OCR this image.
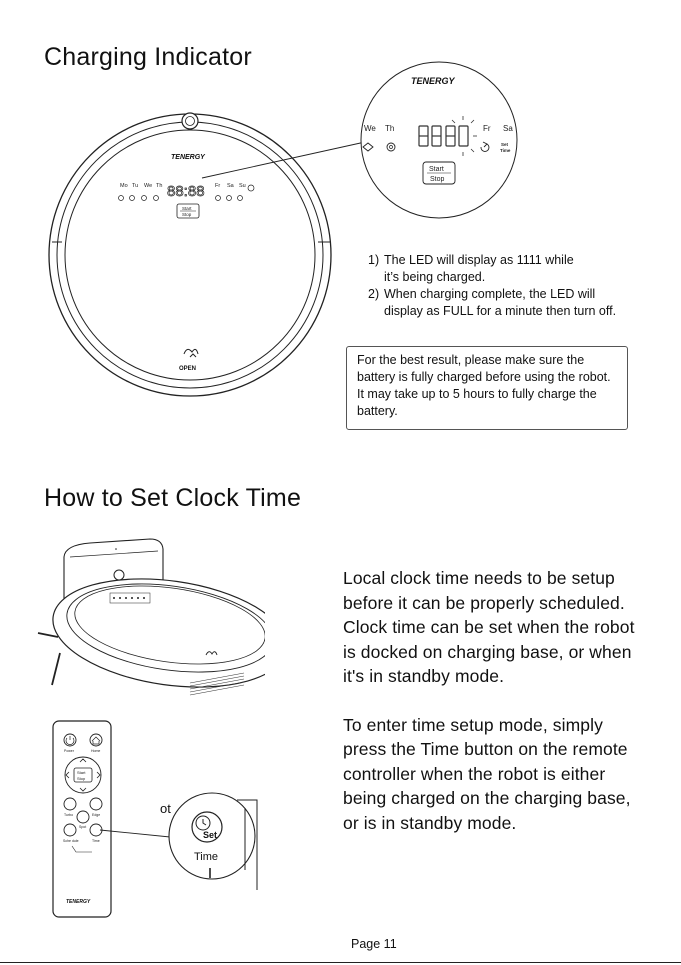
Charging Indicator
TENERGY
Mo Tu We Th 88:88 Fr Sa Su
Start
Stop
OPEN
TENERGY
We Th	Fr Sa
Set
Time
Start
Stop
1) The LED will display as 1111 while it’s being charged.
2) When charging complete, the LED will display as FULL for a minute then turn off.
For the best result, please make sure the battery is fully charged before using the robot. It may take up to 5 hours to fully charge the battery.
How to Set Clock Time
Power	Home
Start
Stop
Turbo	Edge
Spot
Sche dule	Time
TENERGY
ot
Set
Time

Local clock time needs to be setup before it can be properly scheduled. Clock time can be set when the robot is docked on charging base, or when it's in standby mode.

To enter time setup mode, simply press the Time button on the remote controller when the robot is either being charged on the charging base, or is in standby mode.

Page 11
